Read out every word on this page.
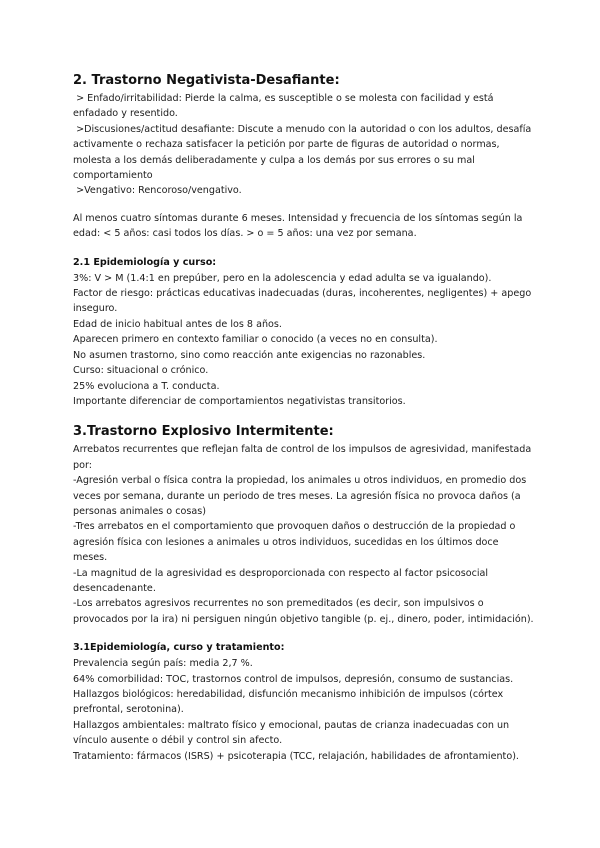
2. Trastorno Negativista-Desafiante:

> Enfado/irritabilidad: Pierde la calma, es susceptible o se molesta con facilidad y está enfadado y resentido.

>Discusiones/actitud desafiante: Discute a menudo con la autoridad o con los adultos, desafía activamente o rechaza satisfacer la petición por parte de figuras de autoridad o normas, molesta a los demás deliberadamente y culpa a los demás por sus errores o su mal comportamiento

>Vengativo: Rencoroso/vengativo.

Al menos cuatro síntomas durante 6 meses. Intensidad y frecuencia de los síntomas según la edad: < 5 años: casi todos los días. > o = 5 años: una vez por semana.

2.1 Epidemiología y curso:

3%: V > M (1.4:1 en prepúber, pero en la adolescencia y edad adulta se va igualando).

Factor de riesgo: prácticas educativas inadecuadas (duras, incoherentes, negligentes) + apego inseguro.

Edad de inicio habitual antes de los 8 años.

Aparecen primero en contexto familiar o conocido (a veces no en consulta).

No asumen trastorno, sino como reacción ante exigencias no razonables.

Curso: situacional o crónico.

25% evoluciona a T. conducta.

Importante diferenciar de comportamientos negativistas transitorios.

3.Trastorno Explosivo Intermitente:

Arrebatos recurrentes que reflejan falta de control de los impulsos de agresividad, manifestada por:

-Agresión verbal o física contra la propiedad, los animales u otros individuos, en promedio dos veces por semana, durante un periodo de tres meses. La agresión física no provoca daños (a personas animales o cosas)

-Tres arrebatos en el comportamiento que provoquen daños o destrucción de la propiedad o agresión física con lesiones a animales u otros individuos, sucedidas en los últimos doce meses.

-La magnitud de la agresividad es desproporcionada con respecto al factor psicosocial desencadenante.

-Los arrebatos agresivos recurrentes no son premeditados (es decir, son impulsivos o provocados por la ira) ni persiguen ningún objetivo tangible (p. ej., dinero, poder, intimidación).

3.1Epidemiología, curso y tratamiento:

Prevalencia según país: media 2,7 %.

64% comorbilidad: TOC, trastornos control de impulsos, depresión, consumo de sustancias.

Hallazgos biológicos: heredabilidad, disfunción mecanismo inhibición de impulsos (córtex prefrontal, serotonina).

Hallazgos ambientales: maltrato físico y emocional, pautas de crianza inadecuadas con un vínculo ausente o débil y control sin afecto.

Tratamiento: fármacos (ISRS) + psicoterapia (TCC, relajación, habilidades de afrontamiento).
